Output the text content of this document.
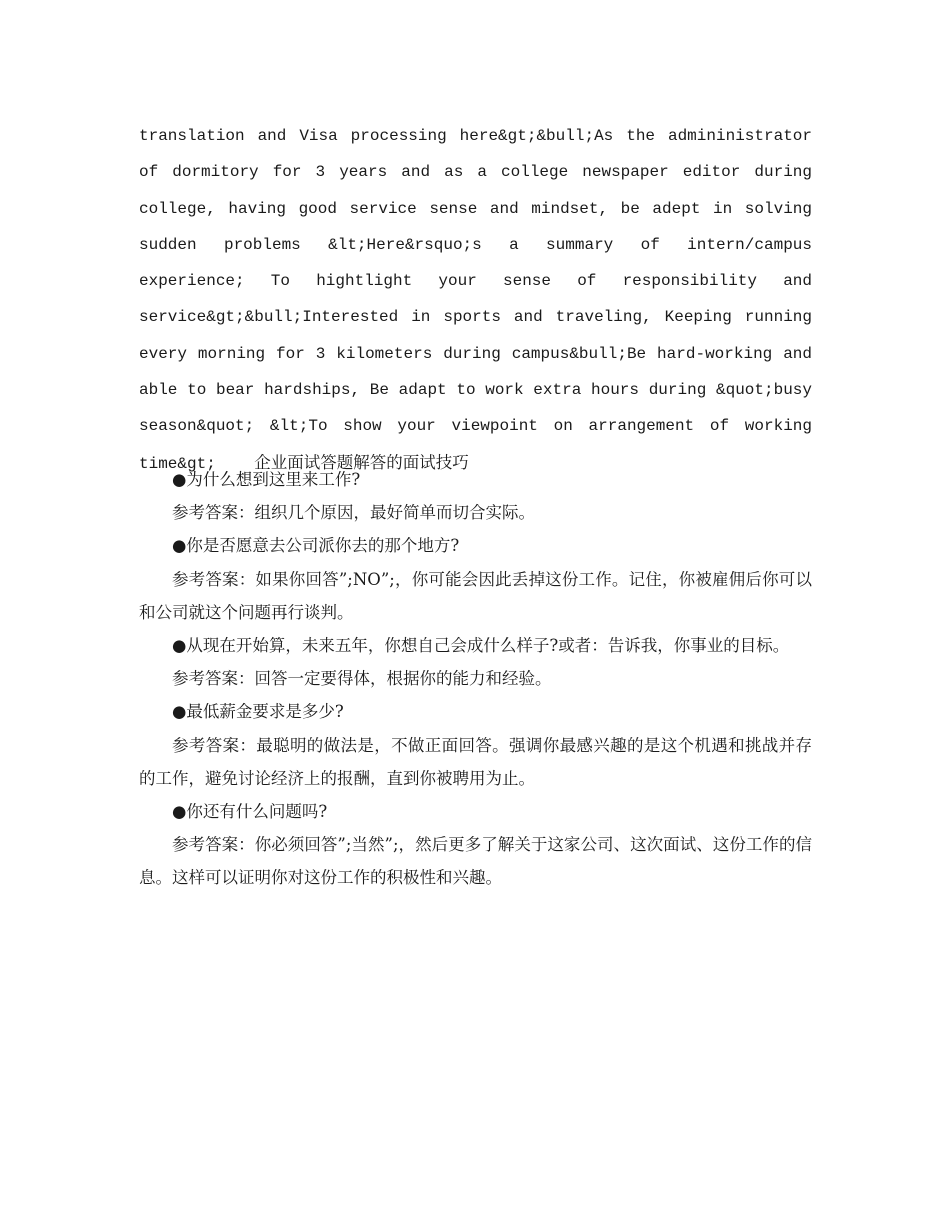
translation and Visa processing here&gt;&bull;As the admininistrator of dormitory for 3 years and as a college newspaper editor during college, having good service sense and mindset, be adept in solving sudden problems &lt;Here&rsquo;s a summary of intern/campus experience; To hightlight your sense of responsibility and service&gt;&bull;Interested in sports and traveling, Keeping running every morning for 3 kilometers during campus&bull;Be hard-working and able to bear hardships, Be adapt to work extra hours during &quot;busy season&quot; &lt;To show your viewpoint on arrangement of working time&gt; 企业面试答题解答的面试技巧

●为什么想到这里来工作?

参考答案：组织几个原因，最好简单而切合实际。

●你是否愿意去公司派你去的那个地方?

参考答案：如果你回答”;NO”;，你可能会因此丢掉这份工作。记住，你被雇佣后你可以和公司就这个问题再行谈判。

●从现在开始算，未来五年，你想自己会成什么样子?或者：告诉我，你事业的目标。

参考答案：回答一定要得体，根据你的能力和经验。

●最低薪金要求是多少?

参考答案：最聪明的做法是，不做正面回答。强调你最感兴趣的是这个机遇和挑战并存的工作，避免讨论经济上的报酬，直到你被聘用为止。

●你还有什么问题吗?

参考答案：你必须回答”;当然”;，然后更多了解关于这家公司、这次面试、这份工作的信息。这样可以证明你对这份工作的积极性和兴趣。
